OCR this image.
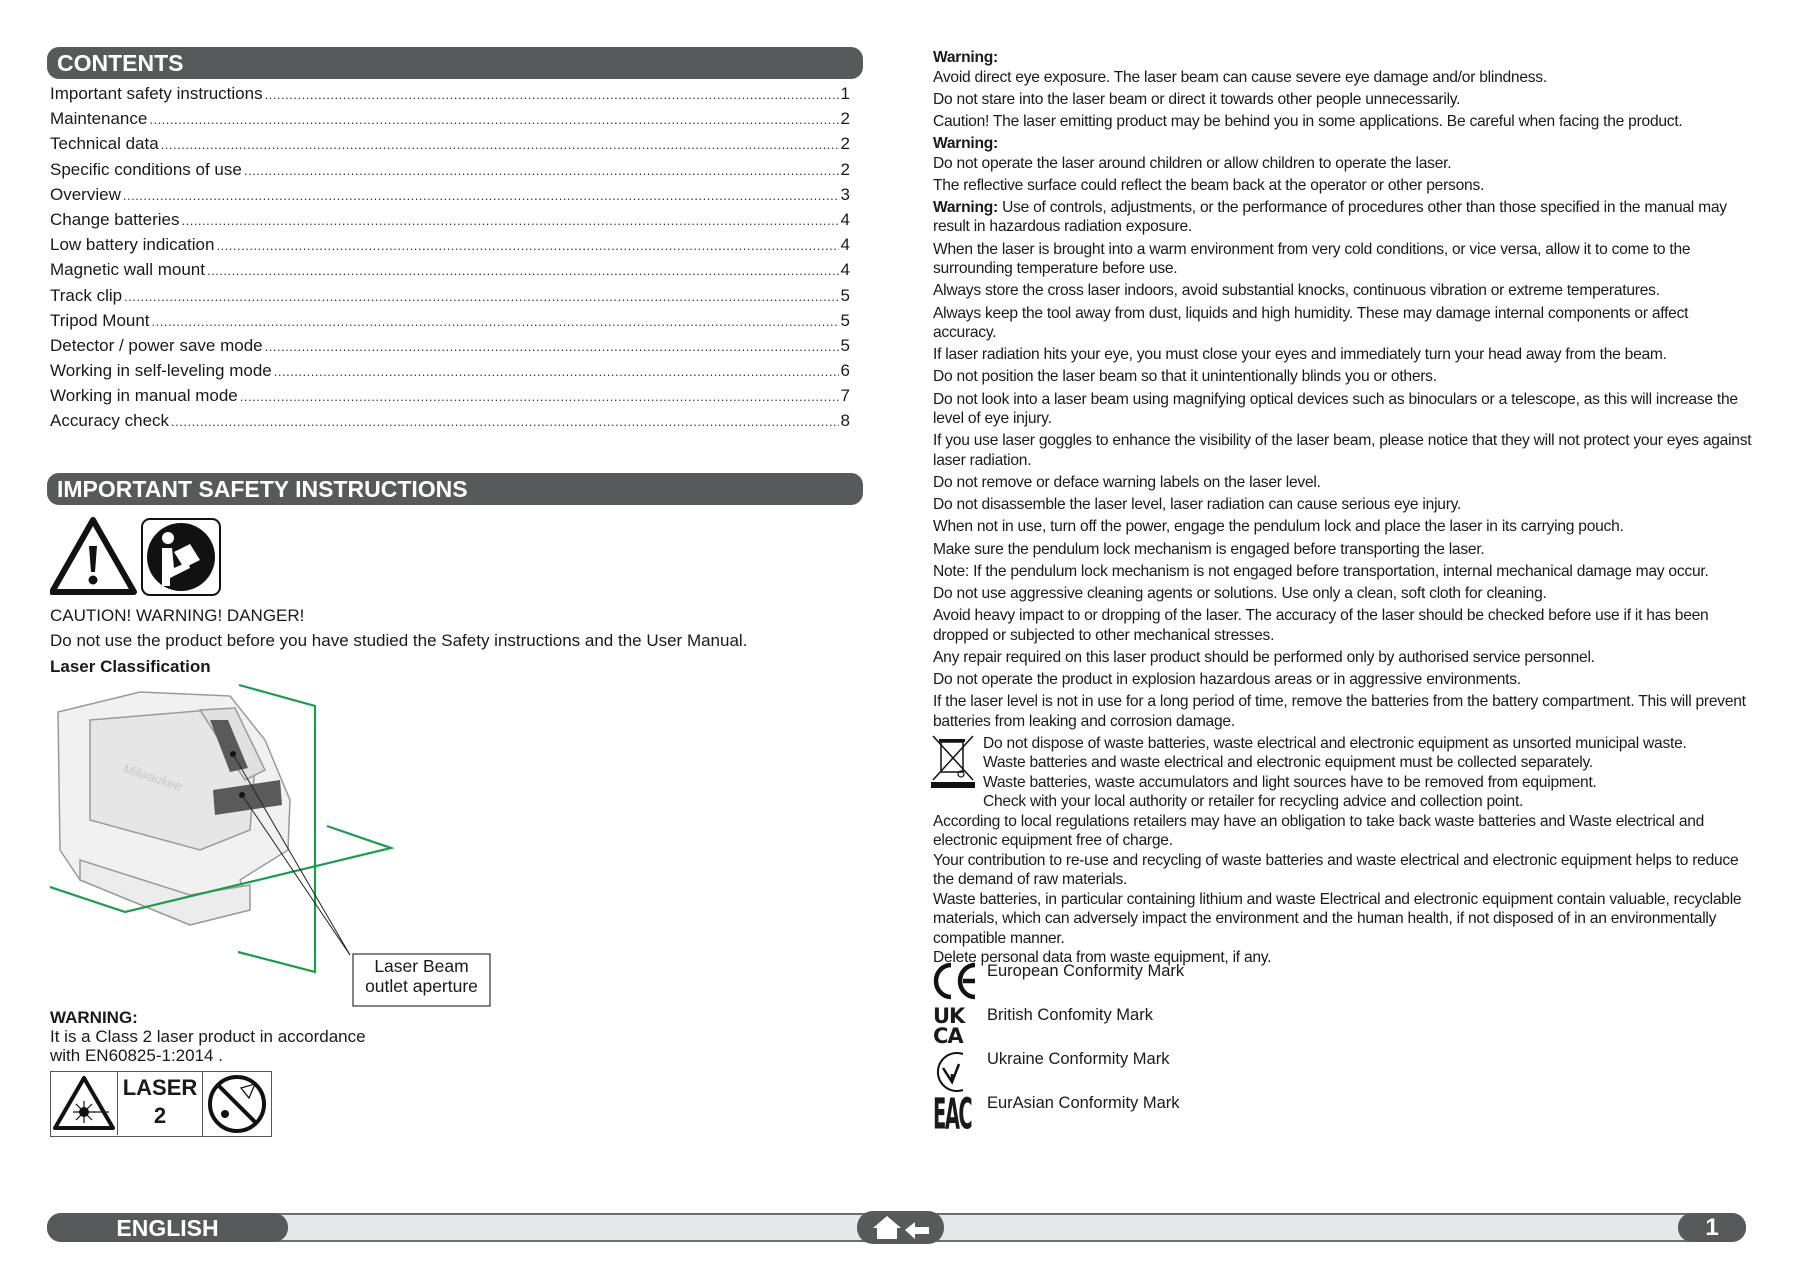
CONTENTS
Important safety instructions .....	1
Maintenance .....	2
Technical data .....	2
Specific conditions of use .....	2
Overview .....	3
Change batteries .....	4
Low battery indication .....	4
Magnetic wall mount .....	4
Track clip .....	5
Tripod Mount .....	5
Detector / power save mode .....	5
Working in self-leveling mode .....	6
Working in manual mode .....	7
Accuracy check .....	8
IMPORTANT SAFETY INSTRUCTIONS
CAUTION! WARNING! DANGER!
Do not use the product before you have studied the Safety instructions and the User Manual.
Laser Classification
Milwaukee
Laser Beam
outlet aperture
WARNING:
It is a Class 2 laser product in accordance
with EN60825-1:2014 .
LASER
2

Warning:

Avoid direct eye exposure. The laser beam can cause severe eye damage and/or blindness.

Do not stare into the laser beam or direct it towards other people unnecessarily.

Caution! The laser emitting product may be behind you in some applications. Be careful when facing the product.

Warning:

Do not operate the laser around children or allow children to operate the laser.

The reflective surface could reflect the beam back at the operator or other persons.

Warning: Use of controls, adjustments, or the performance of procedures other than those specified in the manual may result in hazardous radiation exposure.

When the laser is brought into a warm environment from very cold conditions, or vice versa, allow it to come to the surrounding temperature before use.

Always store the cross laser indoors, avoid substantial knocks, continuous vibration or extreme temperatures.

Always keep the tool away from dust, liquids and high humidity. These may damage internal components or affect accuracy.

If laser radiation hits your eye, you must close your eyes and immediately turn your head away from the beam.

Do not position the laser beam so that it unintentionally blinds you or others.

Do not look into a laser beam using magnifying optical devices such as binoculars or a telescope, as this will increase the level of eye injury.

If you use laser goggles to enhance the visibility of the laser beam, please notice that they will not protect your eyes against laser radiation.

Do not remove or deface warning labels on the laser level.

Do not disassemble the laser level, laser radiation can cause serious eye injury.

When not in use, turn off the power, engage the pendulum lock and place the laser in its carrying pouch.

Make sure the pendulum lock mechanism is engaged before transporting the laser.

Note: If the pendulum lock mechanism is not engaged before transportation, internal mechanical damage may occur.

Do not use aggressive cleaning agents or solutions. Use only a clean, soft cloth for cleaning.

Avoid heavy impact to or dropping of the laser. The accuracy of the laser should be checked before use if it has been dropped or subjected to other mechanical stresses.

Any repair required on this laser product should be performed only by authorised service personnel.

Do not operate the product in explosion hazardous areas or in aggressive environments.

If the laser level is not in use for a long period of time, remove the batteries from the battery compartment. This will prevent batteries from leaking and corrosion damage.

Do not dispose of waste batteries, waste electrical and electronic equipment as unsorted municipal waste.

Waste batteries and waste electrical and electronic equipment must be collected separately.

Waste batteries, waste accumulators and light sources have to be removed from equipment.

Check with your local authority or retailer for recycling advice and collection point.

According to local regulations retailers may have an obligation to take back waste batteries and Waste electrical and electronic equipment free of charge.

Your contribution to re-use and recycling of waste batteries and waste electrical and electronic equipment helps to reduce the demand of raw materials.

Waste batteries, in particular containing lithium and waste Electrical and electronic equipment contain valuable, recyclable materials, which can adversely impact the environment and the human health, if not disposed of in an environmentally compatible manner.

Delete personal data from waste equipment, if any.

European Conformity Mark
UKCA
British Confomity Mark
Ukraine Conformity Mark
EAC EurAsian Conformity Mark
ENGLISH	1
